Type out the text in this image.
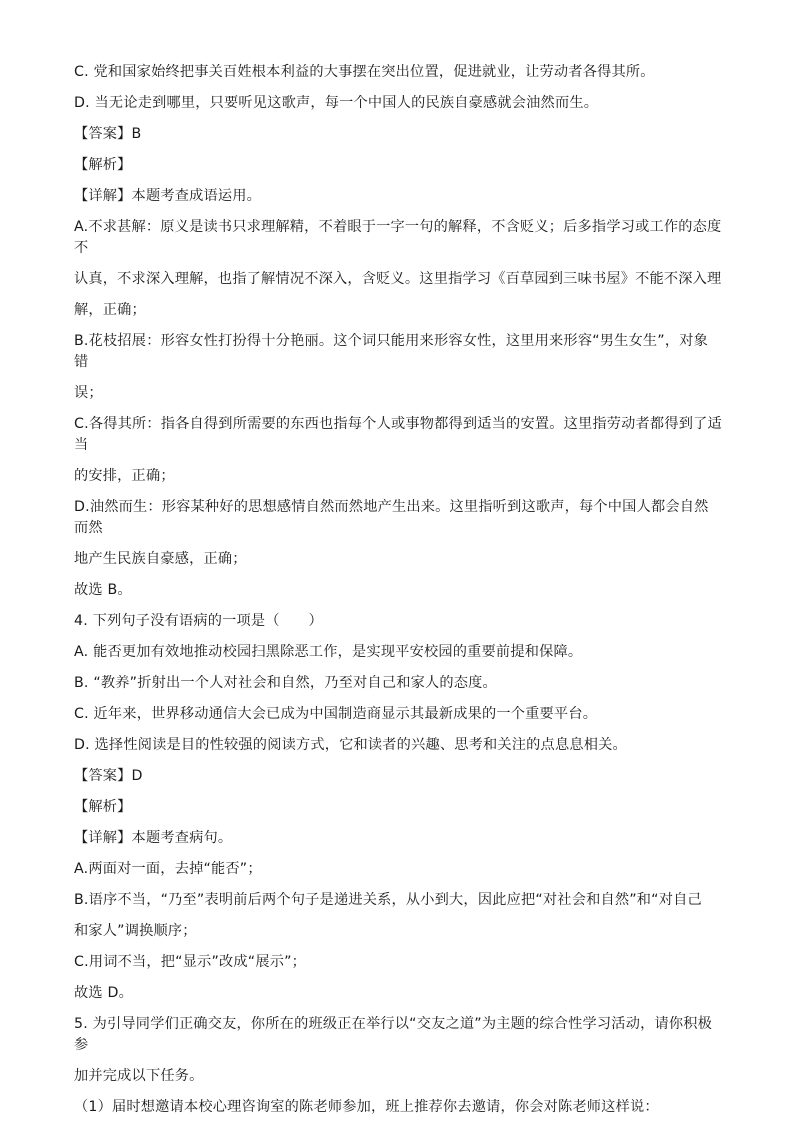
C. 党和国家始终把事关百姓根本利益的大事摆在突出位置，促进就业，让劳动者各得其所。
D. 当无论走到哪里，只要听见这歌声，每一个中国人的民族自豪感就会油然而生。
【答案】B
【解析】
【详解】本题考查成语运用。
A.不求甚解：原义是读书只求理解精，不着眼于一字一句的解释，不含贬义；后多指学习或工作的态度不
认真，不求深入理解，也指了解情况不深入，含贬义。这里指学习《百草园到三味书屋》不能不深入理
解，正确；
B.花枝招展：形容女性打扮得十分艳丽。这个词只能用来形容女性，这里用来形容“男生女生”，对象错
误；
C.各得其所：指各自得到所需要的东西也指每个人或事物都得到适当的安置。这里指劳动者都得到了适当
的安排，正确；
D.油然而生：形容某种好的思想感情自然而然地产生出来。这里指听到这歌声，每个中国人都会自然而然
地产生民族自豪感，正确；
故选 B。
4. 下列句子没有语病的一项是（　　）
A. 能否更加有效地推动校园扫黑除恶工作，是实现平安校园的重要前提和保障。
B. “教养”折射出一个人对社会和自然，乃至对自己和家人的态度。
C. 近年来，世界移动通信大会已成为中国制造商显示其最新成果的一个重要平台。
D. 选择性阅读是目的性较强的阅读方式，它和读者的兴趣、思考和关注的点息息相关。
【答案】D
【解析】
【详解】本题考查病句。
A.两面对一面，去掉“能否”；
B.语序不当，“乃至”表明前后两个句子是递进关系，从小到大，因此应把“对社会和自然”和“对自己
和家人”调换顺序；
C.用词不当，把“显示”改成“展示”；
故选 D。
5. 为引导同学们正确交友，你所在的班级正在举行以“交友之道”为主题的综合性学习活动，请你积极参
加并完成以下任务。
（1）届时想邀请本校心理咨询室的陈老师参加，班上推荐你去邀请，你会对陈老师这样说：
